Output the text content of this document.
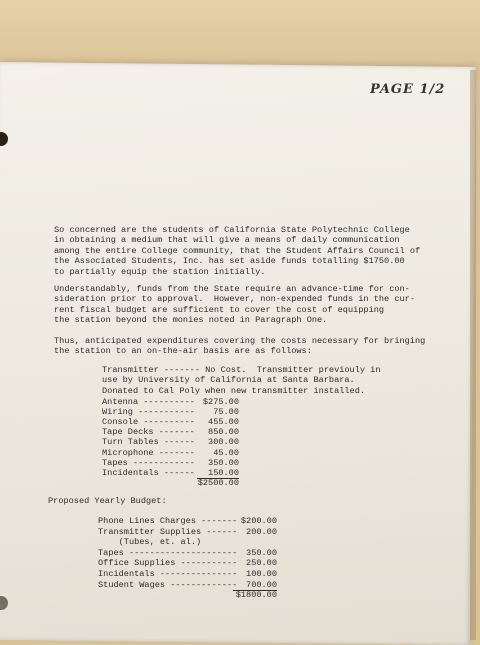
PAGE 1/2
So concerned are the students of California State Polytechnic College
in obtaining a medium that will give a means of daily communication
among the entire College community, that the Student Affairs Council of
the Associated Students, Inc. has set aside funds totalling $1750.00
to partially equip the station initially.
Understandably, funds from the State require an advance-time for con-
sideration prior to approval.  However, non-expended funds in the cur-
rent fiscal budget are sufficient to cover the cost of equipping
the station beyond the monies noted in Paragraph One.
Thus, anticipated expenditures covering the costs necessary for bringing
the station to an on-the-air basis are as follows:
Transmitter ------- No Cost.  Transmitter previouly in
use by University of California at Santa Barbara.
Donated to Cal Poly when new transmitter installed.
Antenna ---------- $275.00
Wiring -----------	75.00
Console ----------	455.00
Tape Decks -------	850.00
Turn Tables ------	300.00
Microphone -------	45.00
Tapes ------------	350.00
Incidentals ------	150.00
$2500.00
Proposed Yearly Budget:
Phone Lines Charges ------- $200.00
Transmitter Supplies ------	200.00
(Tubes, et. al.)
Tapes ---------------------	350.00
Office Supplies -----------	250.00
Incidentals ---------------	100.00
Student Wages -------------	700.00
$1800.00
